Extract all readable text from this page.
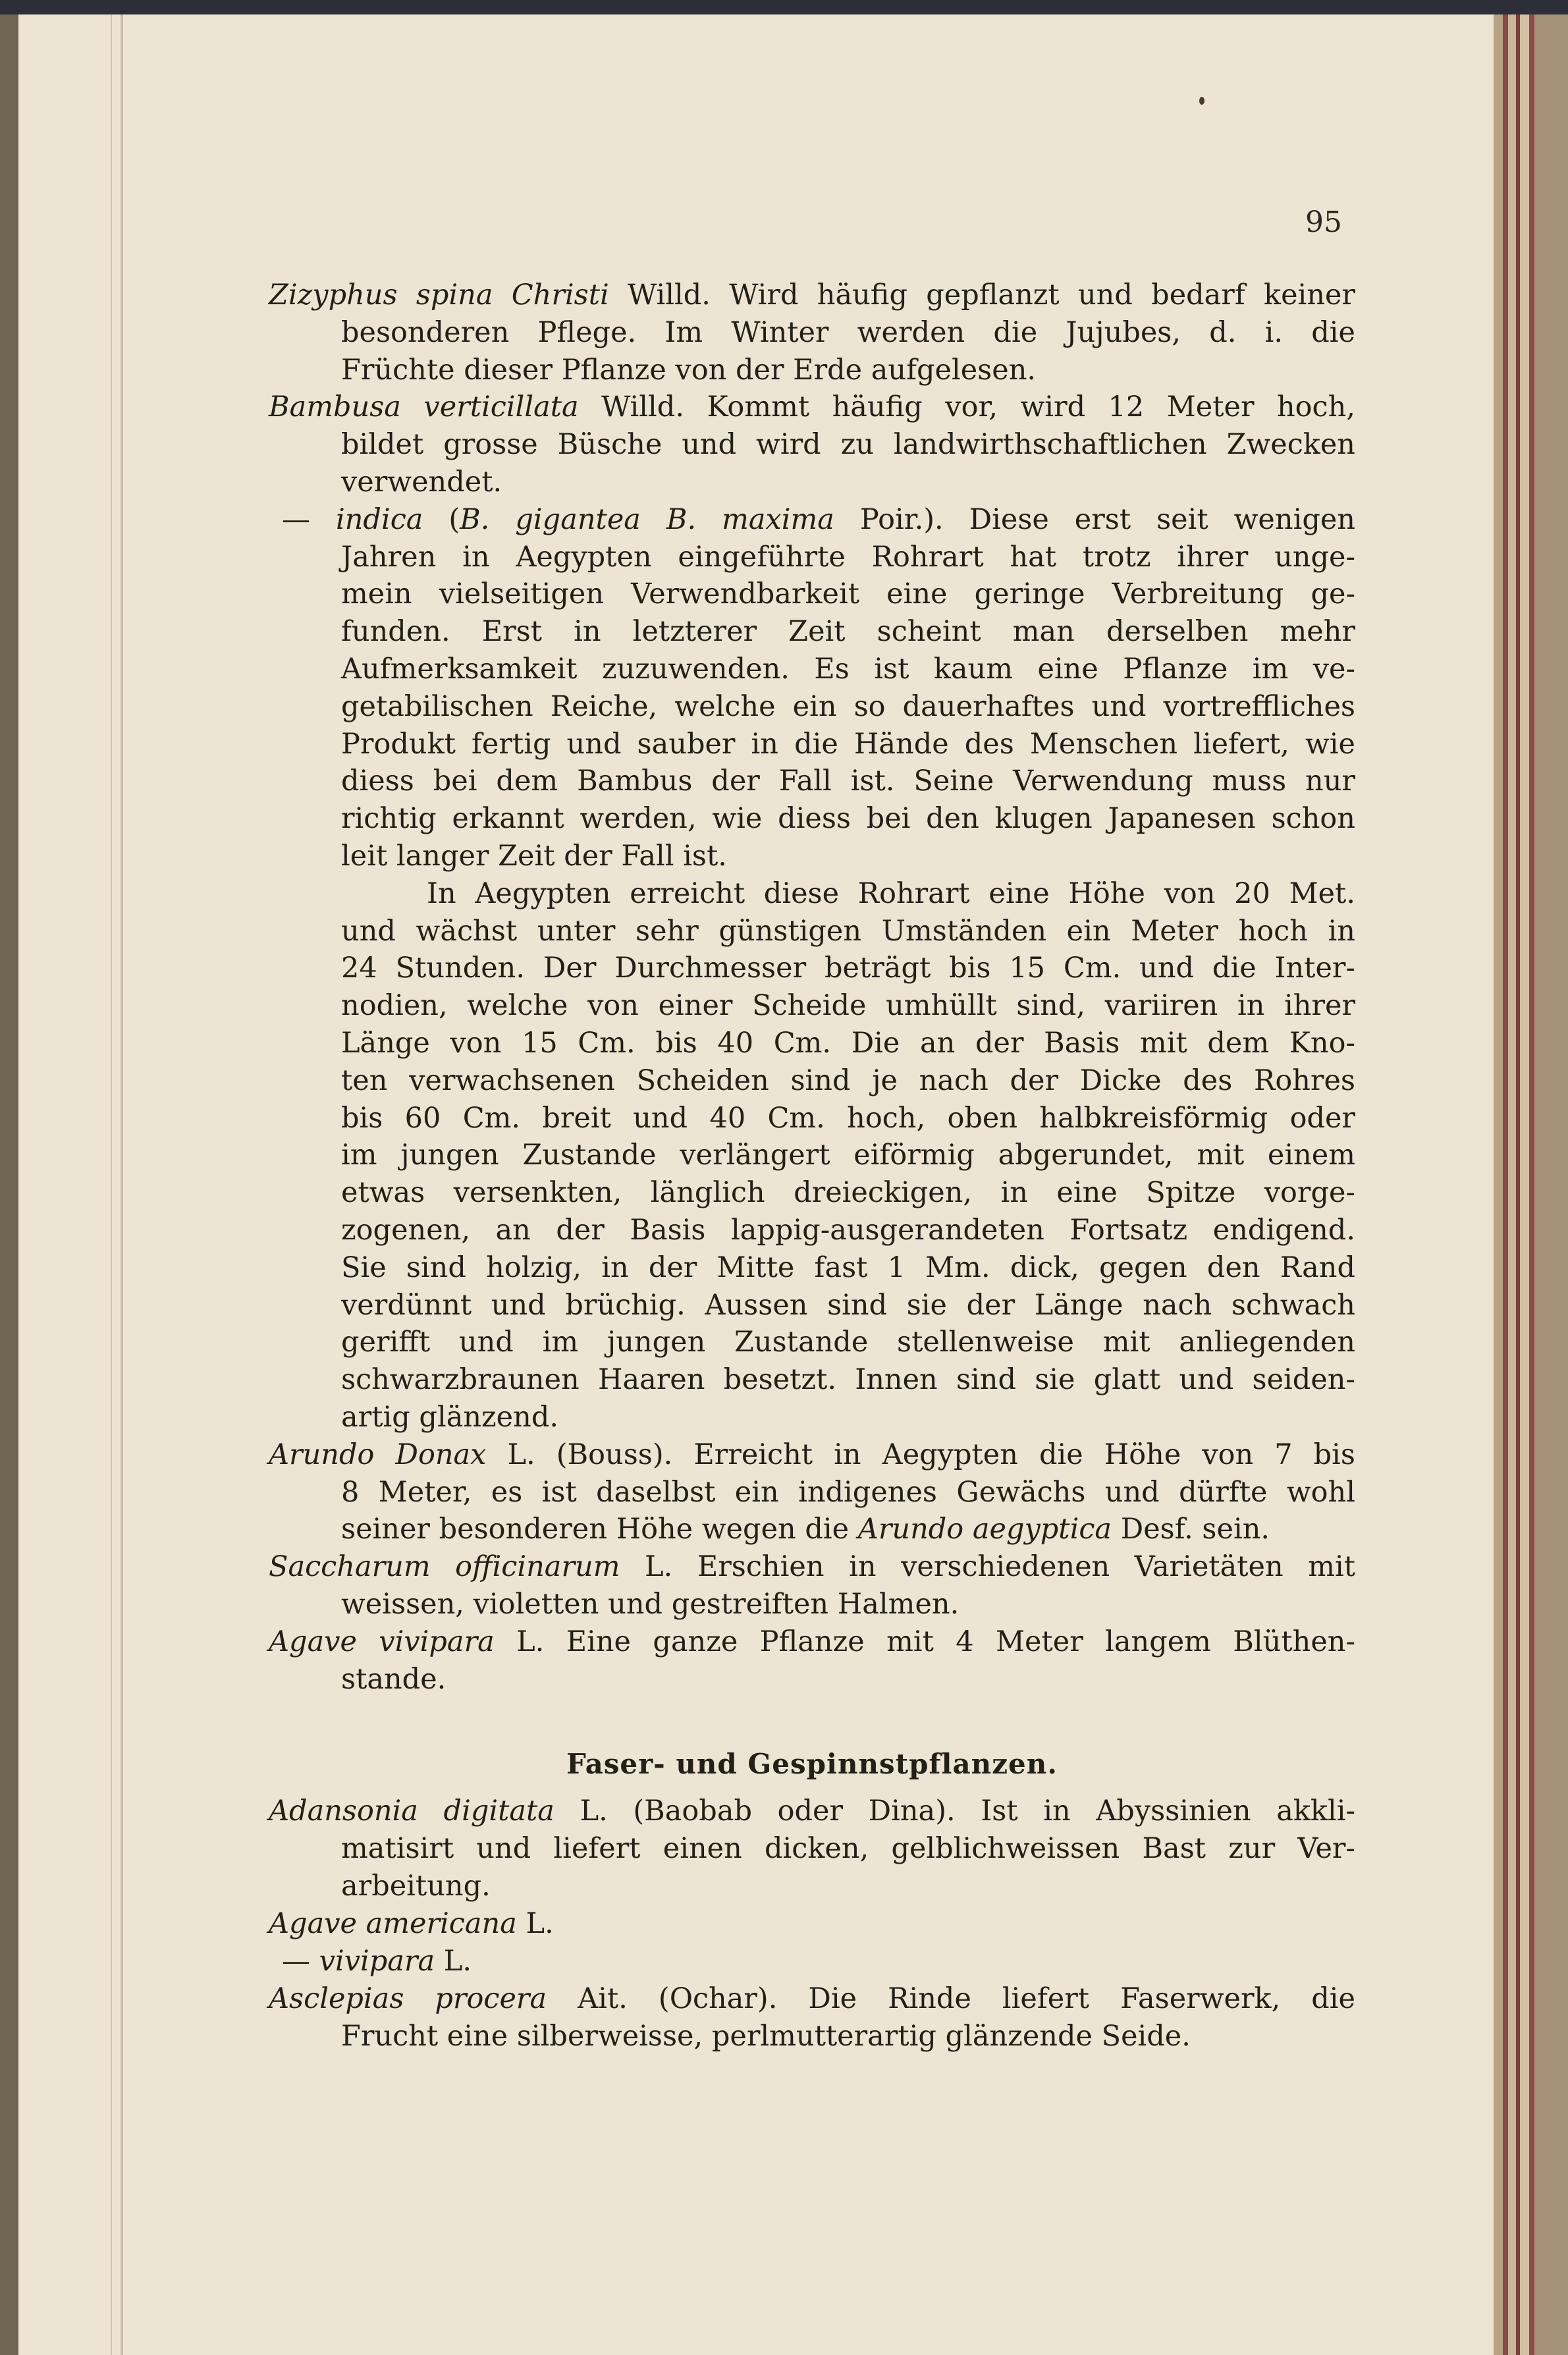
95
Zizyphus spina Christi Willd. Wird häufig gepflanzt und bedarf keiner
besonderen Pflege. Im Winter werden die Jujubes, d. i. die
Früchte dieser Pflanze von der Erde aufgelesen.
Bambusa verticillata Willd. Kommt häufig vor, wird 12 Meter hoch,
bildet grosse Büsche und wird zu landwirthschaftlichen Zwecken
verwendet.
— indica (B. gigantea B. maxima Poir.). Diese erst seit wenigen
Jahren in Aegypten eingeführte Rohrart hat trotz ihrer unge-
mein vielseitigen Verwendbarkeit eine geringe Verbreitung ge-
funden. Erst in letzterer Zeit scheint man derselben mehr
Aufmerksamkeit zuzuwenden. Es ist kaum eine Pflanze im ve-
getabilischen Reiche, welche ein so dauerhaftes und vortreffliches
Produkt fertig und sauber in die Hände des Menschen liefert, wie
diess bei dem Bambus der Fall ist. Seine Verwendung muss nur
richtig erkannt werden, wie diess bei den klugen Japanesen schon
leit langer Zeit der Fall ist.
In Aegypten erreicht diese Rohrart eine Höhe von 20 Met.
und wächst unter sehr günstigen Umständen ein Meter hoch in
24 Stunden. Der Durchmesser beträgt bis 15 Cm. und die Inter-
nodien, welche von einer Scheide umhüllt sind, variiren in ihrer
Länge von 15 Cm. bis 40 Cm. Die an der Basis mit dem Kno-
ten verwachsenen Scheiden sind je nach der Dicke des Rohres
bis 60 Cm. breit und 40 Cm. hoch, oben halbkreisförmig oder
im jungen Zustande verlängert eiförmig abgerundet, mit einem
etwas versenkten, länglich dreieckigen, in eine Spitze vorge-
zogenen, an der Basis lappig-ausgerandeten Fortsatz endigend.
Sie sind holzig, in der Mitte fast 1 Mm. dick, gegen den Rand
verdünnt und brüchig. Aussen sind sie der Länge nach schwach
gerifft und im jungen Zustande stellenweise mit anliegenden
schwarzbraunen Haaren besetzt. Innen sind sie glatt und seiden-
artig glänzend.
Arundo Donax L. (Bouss). Erreicht in Aegypten die Höhe von 7 bis
8 Meter, es ist daselbst ein indigenes Gewächs und dürfte wohl
seiner besonderen Höhe wegen die Arundo aegyptica Desf. sein.
Saccharum officinarum L. Erschien in verschiedenen Varietäten mit
weissen, violetten und gestreiften Halmen.
Agave vivipara L. Eine ganze Pflanze mit 4 Meter langem Blüthen-
stande.
Faser- und Gespinnstpflanzen.
Adansonia digitata L. (Baobab oder Dina). Ist in Abyssinien akkli-
matisirt und liefert einen dicken, gelblichweissen Bast zur Ver-
arbeitung.
Agave americana L.
— vivipara L.
Asclepias procera Ait. (Ochar). Die Rinde liefert Faserwerk, die
Frucht eine silberweisse, perlmutterartig glänzende Seide.
